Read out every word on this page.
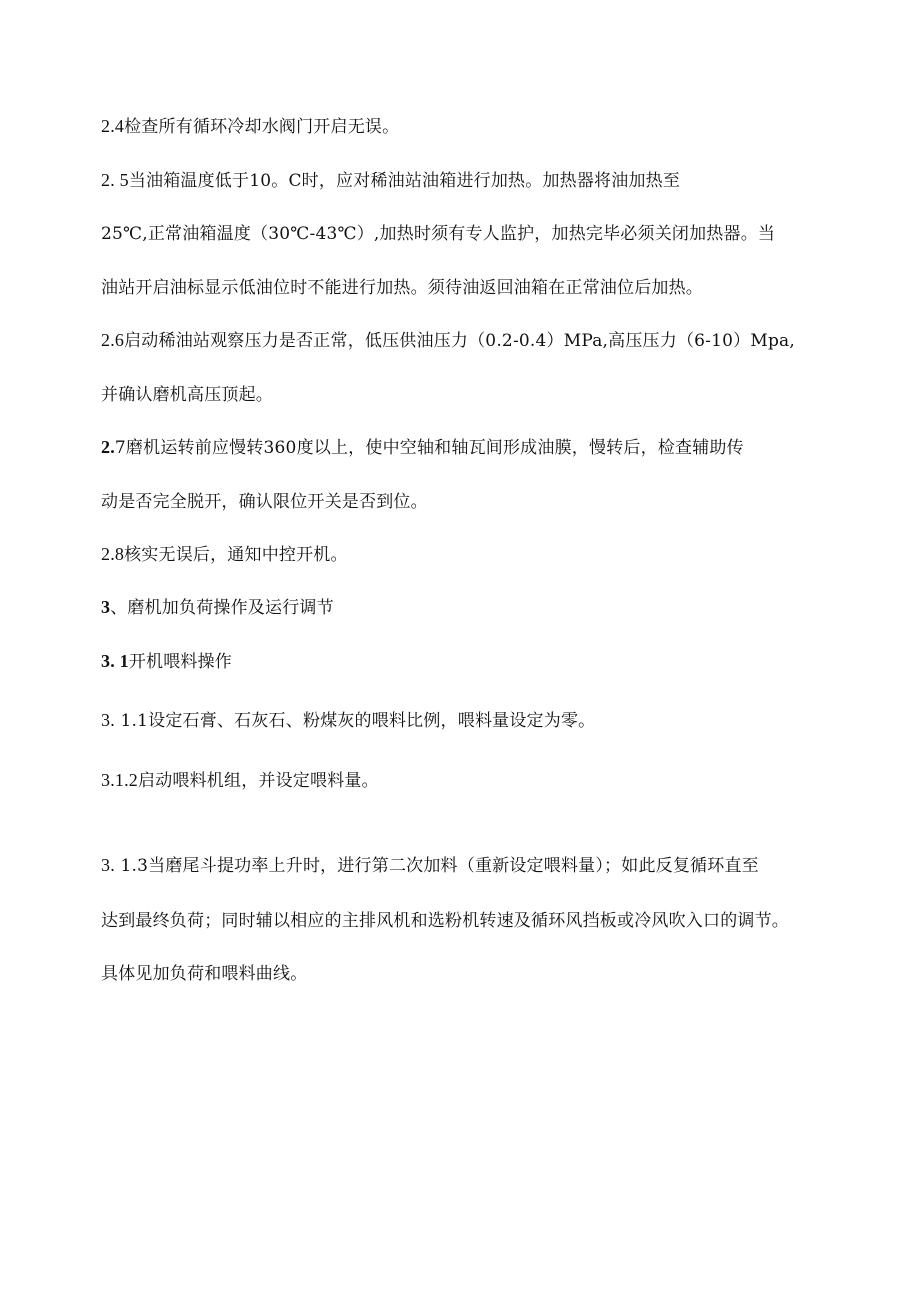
2.4检查所有循环冷却水阀门开启无误。
2. 5当油箱温度低于10。C时，应对稀油站油箱进行加热。加热器将油加热至
25℃,正常油箱温度（30℃-43℃）,加热时须有专人监护，加热完毕必须关闭加热器。当
油站开启油标显示低油位时不能进行加热。须待油返回油箱在正常油位后加热。
2.6启动稀油站观察压力是否正常，低压供油压力（0.2-0.4）MPa,高压压力（6-10）Mpa,
并确认磨机高压顶起。
2.7磨机运转前应慢转360度以上，使中空轴和轴瓦间形成油膜，慢转后，检查辅助传
动是否完全脱开，确认限位开关是否到位。
2.8核实无误后，通知中控开机。
3、磨机加负荷操作及运行调节
3. 1开机喂料操作
3. 1.1设定石膏、石灰石、粉煤灰的喂料比例，喂料量设定为零。
3.1.2启动喂料机组，并设定喂料量。
3. 1.3当磨尾斗提功率上升时，进行第二次加料（重新设定喂料量）；如此反复循环直至
达到最终负荷；同时辅以相应的主排风机和选粉机转速及循环风挡板或冷风吹入口的调节。
具体见加负荷和喂料曲线。
